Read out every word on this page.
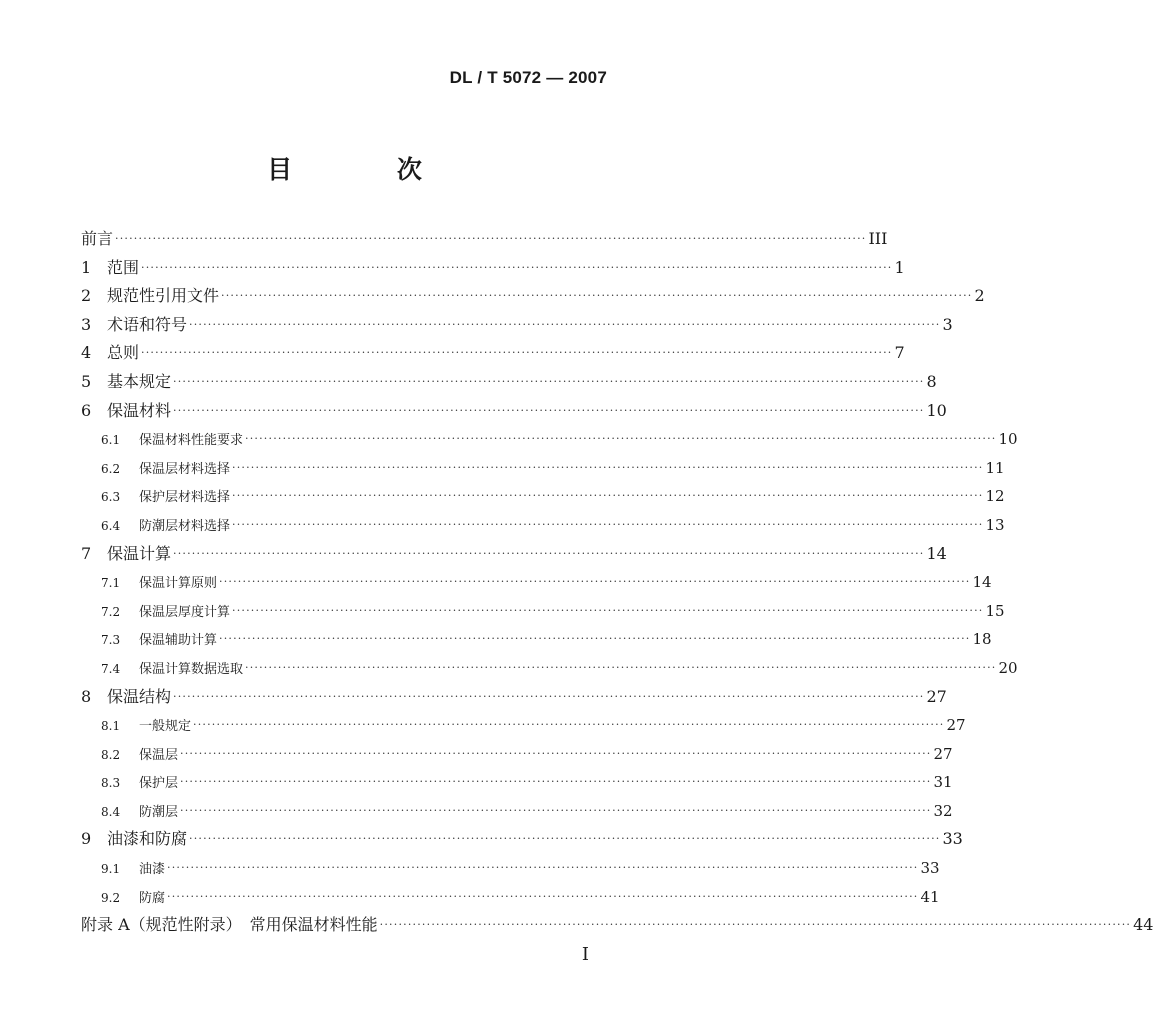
DL / T 5072 — 2007
目 次
前言 ································································································································································ III
1 范围 ································································································································································ 1
2 规范性引用文件 ································································································································································ 2
3 术语和符号 ································································································································································ 3
4 总则 ································································································································································ 7
5 基本规定 ································································································································································ 8
6 保温材料 ································································································································································ 10
6.1	保温材料性能要求 ································································································································································ 10
6.2	保温层材料选择 ································································································································································ 11
6.3	保护层材料选择 ································································································································································ 12
6.4	防潮层材料选择 ································································································································································ 13
7 保温计算 ································································································································································ 14
7.1	保温计算原则 ································································································································································ 14
7.2	保温层厚度计算 ································································································································································ 15
7.3	保温辅助计算 ································································································································································ 18
7.4	保温计算数据选取 ································································································································································ 20
8 保温结构 ································································································································································ 27
8.1	一般规定 ································································································································································ 27
8.2	保温层 ································································································································································ 27
8.3	保护层 ································································································································································ 31
8.4	防潮层 ································································································································································ 32
9 油漆和防腐 ································································································································································ 33
9.1	油漆 ································································································································································ 33
9.2	防腐 ································································································································································ 41
附录 A（规范性附录）　常用保温材料性能 ································································································································································ 44
I
